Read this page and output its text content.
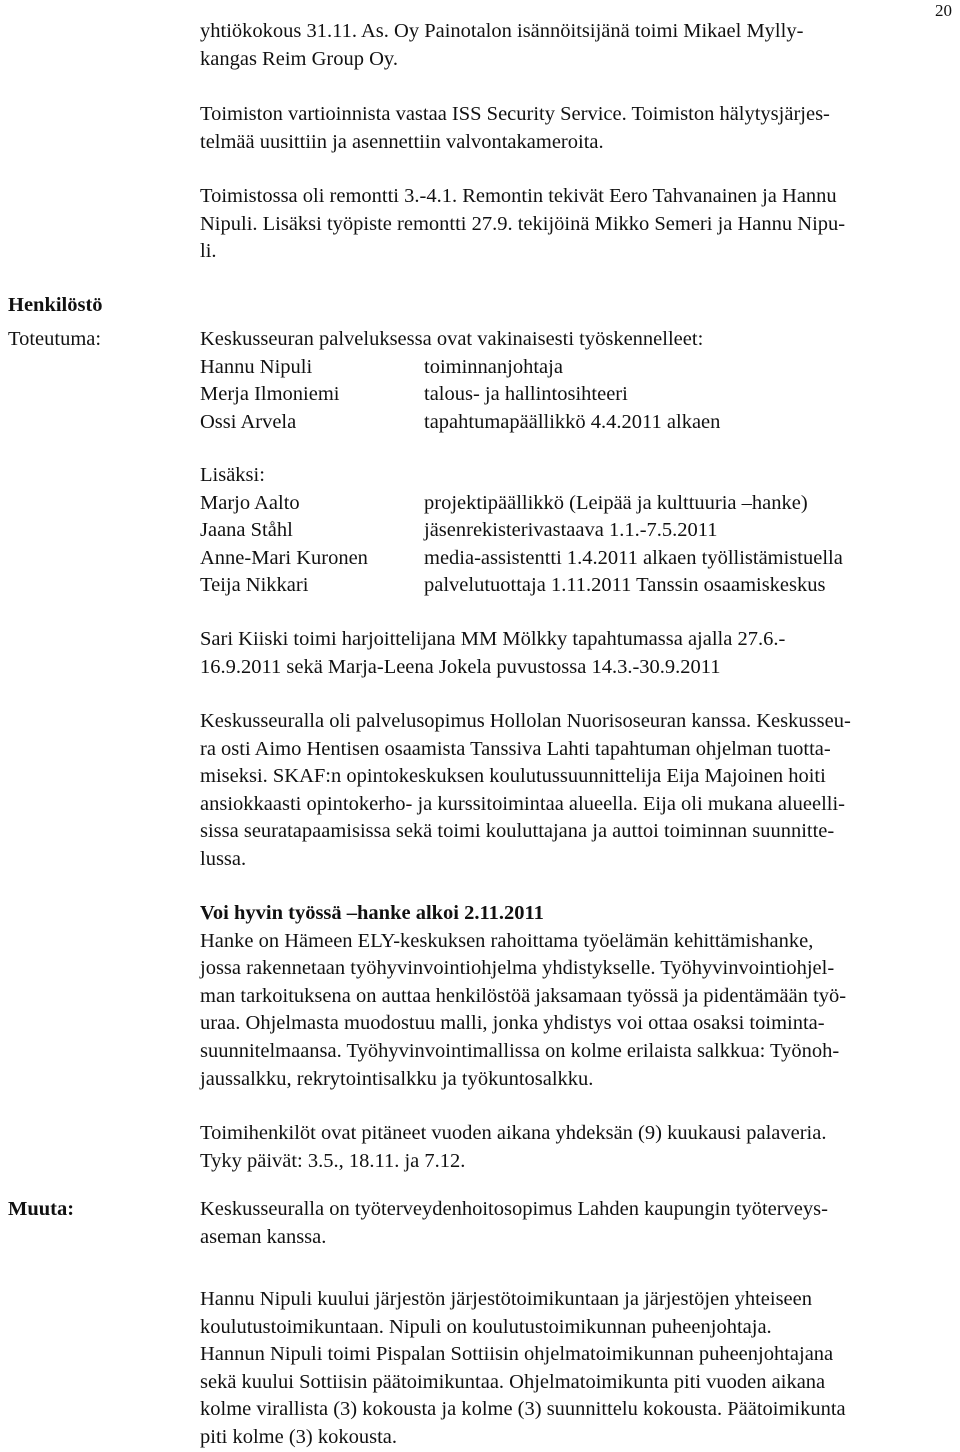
20
yhtiökokous 31.11. As. Oy Painotalon isännöitsijänä toimi Mikael Mylly-
kangas Reim Group Oy.
Toimiston vartioinnista vastaa ISS Security Service. Toimiston hälytysjärjes-
telmää uusittiin ja asennettiin valvontakameroita.
Toimistossa oli remontti 3.-4.1. Remontin tekivät Eero Tahvanainen ja Hannu
Nipuli. Lisäksi työpiste remontti 27.9. tekijöinä Mikko Semeri ja Hannu Nipu-
li.
Henkilöstö
Toteutuma:
Muuta:
Keskusseuran palveluksessa ovat vakinaisesti työskennelleet:
Hannu Nipuli	toiminnanjohtaja
Merja Ilmoniemi	talous- ja hallintosihteeri
Ossi Arvela	tapahtumapäällikkö 4.4.2011 alkaen
Lisäksi:
Marjo Aalto	projektipäällikkö (Leipää ja kulttuuria –hanke)
Jaana Ståhl	jäsenrekisterivastaava 1.1.-7.5.2011
Anne-Mari Kuronen	media-assistentti 1.4.2011 alkaen työllistämistuella
Teija Nikkari	palvelutuottaja 1.11.2011 Tanssin osaamiskeskus
Sari Kiiski toimi harjoittelijana MM Mölkky tapahtumassa ajalla 27.6.-
16.9.2011 sekä Marja-Leena Jokela puvustossa 14.3.-30.9.2011
Keskusseuralla oli palvelusopimus Hollolan Nuorisoseuran kanssa. Keskusseu-
ra osti Aimo Hentisen osaamista Tanssiva Lahti tapahtuman ohjelman tuotta-
miseksi. SKAF:n opintokeskuksen koulutussuunnittelija Eija Majoinen hoiti
ansiokkaasti opintokerho- ja kurssitoimintaa alueella. Eija oli mukana alueelli-
sissa seuratapaamisissa sekä toimi kouluttajana ja auttoi toiminnan suunnitte-
lussa.
Voi hyvin työssä –hanke alkoi 2.11.2011
Hanke on Hämeen ELY-keskuksen rahoittama työelämän kehittämishanke,
jossa rakennetaan työhyvinvointiohjelma yhdistykselle. Työhyvinvointiohjel-
man tarkoituksena on auttaa henkilöstöä jaksamaan työssä ja pidentämään työ-
uraa. Ohjelmasta muodostuu malli, jonka yhdistys voi ottaa osaksi toiminta-
suunnitelmaansa. Työhyvinvointimallissa on kolme erilaista salkkua: Työnoh-
jaussalkku, rekrytointisalkku ja työkuntosalkku.
Toimihenkilöt ovat pitäneet vuoden aikana yhdeksän (9) kuukausi palaveria.
Tyky päivät: 3.5., 18.11. ja 7.12.
Keskusseuralla on työterveydenhoitosopimus Lahden kaupungin työterveys-
aseman kanssa.
Hannu Nipuli kuului järjestön järjestötoimikuntaan ja järjestöjen yhteiseen
koulutustoimikuntaan. Nipuli on koulutustoimikunnan puheenjohtaja.
Hannun Nipuli toimi Pispalan Sottiisin ohjelmatoimikunnan puheenjohtajana
sekä kuului Sottiisin päätoimikuntaa. Ohjelmatoimikunta piti vuoden aikana
kolme virallista (3) kokousta ja kolme (3) suunnittelu kokousta. Päätoimikunta
piti kolme (3) kokousta.
